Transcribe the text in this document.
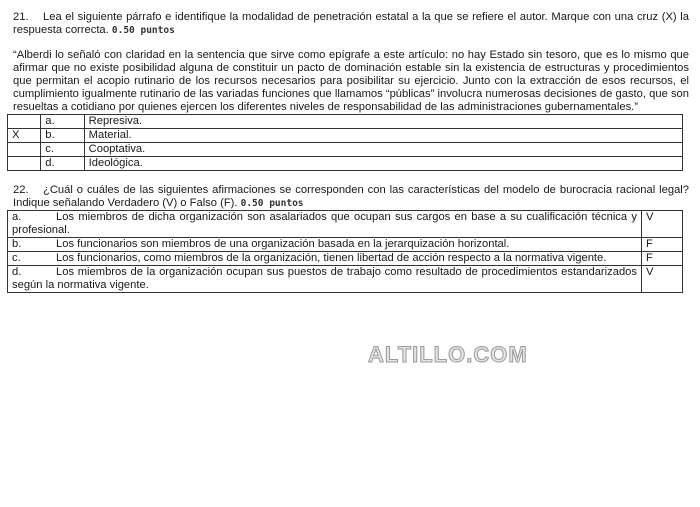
21. Lea el siguiente párrafo e identifique la modalidad de penetración estatal a la que se refiere el autor. Marque con una cruz (X) la respuesta correcta. 0.50 puntos

“Alberdi lo señaló con claridad en la sentencia que sirve como epígrafe a este artículo: no hay Estado sin tesoro, que es lo mismo que afirmar que no existe posibilidad alguna de constituir un pacto de dominación estable sin la existencia de estructuras y procedimientos que permitan el acopio rutinario de los recursos necesarios para posibilitar su ejercicio. Junto con la extracción de esos recursos, el cumplimiento igualmente rutinario de las variadas funciones que llamamos “públicas” involucra numerosas decisiones de gasto, que son resueltas a cotidiano por quienes ejercen los diferentes niveles de responsabilidad de las administraciones gubernamentales.”

	a.	Represiva.
X	b.	Material.
	c.	Cooptativa.
	d.	Ideológica.

22. ¿Cuál o cuáles de las siguientes afirmaciones se corresponden con las características del modelo de burocracia racional legal? Indique señalando Verdadero (V) o Falso (F). 0.50 puntos

a. Los miembros de dicha organización son asalariados que ocupan sus cargos en base a su cualificación técnica y profesional.	V
b. Los funcionarios son miembros de una organización basada en la jerarquización horizontal.	F
c. Los funcionarios, como miembros de la organización, tienen libertad de acción respecto a la normativa vigente.	F
d. Los miembros de la organización ocupan sus puestos de trabajo como resultado de procedimientos estandarizados según la normativa vigente.	V
ALTILLO.COM
